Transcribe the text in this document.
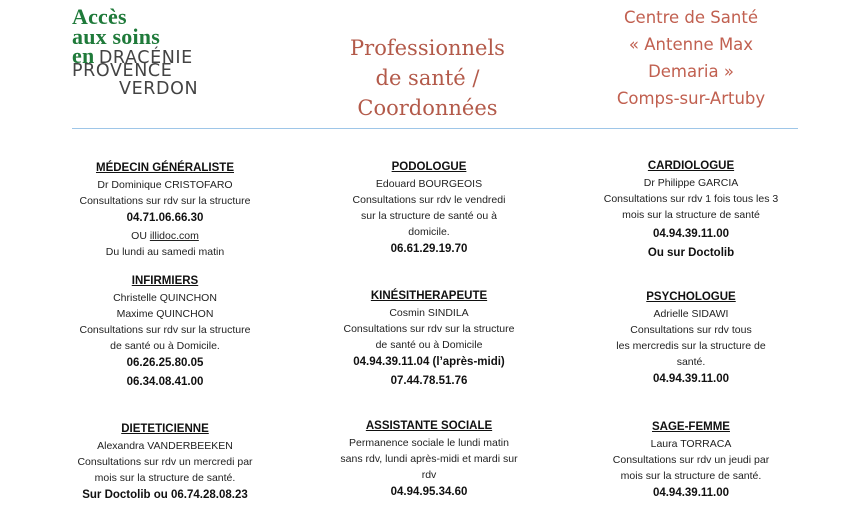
Accès
aux soins
en DRACÉNIE
PROVENCE
VERDON
Professionnels
de santé /
Coordonnées
Centre de Santé
« Antenne Max
Demaria »
Comps-sur-Artuby
MÉDECIN GÉNÉRALISTE
Dr Dominique CRISTOFARO
Consultations sur rdv sur la structure
04.71.06.66.30
OU illidoc.com
Du lundi au samedi matin
PODOLOGUE
Edouard BOURGEOIS
Consultations sur rdv le vendredi
sur la structure de santé ou à
domicile.
06.61.29.19.70
CARDIOLOGUE
Dr Philippe GARCIA
Consultations sur rdv 1 fois tous les 3
mois sur la structure de santé
04.94.39.11.00
Ou sur Doctolib
INFIRMIERS
Christelle QUINCHON
Maxime QUINCHON
Consultations sur rdv sur la structure
de santé ou à Domicile.
06.26.25.80.05
06.34.08.41.00
KINÉSITHERAPEUTE
Cosmin SINDILA
Consultations sur rdv sur la structure
de santé ou à Domicile
04.94.39.11.04 (l’après-midi)
07.44.78.51.76
PSYCHOLOGUE
Adrielle SIDAWI
Consultations sur rdv tous
les mercredis sur la structure de
santé.
04.94.39.11.00
DIETETICIENNE
Alexandra VANDERBEEKEN
Consultations sur rdv un mercredi par
mois sur la structure de santé.
Sur Doctolib ou 06.74.28.08.23
ASSISTANTE SOCIALE
Permanence sociale le lundi matin
sans rdv, lundi après-midi et mardi sur
rdv
04.94.95.34.60
SAGE-FEMME
Laura TORRACA
Consultations sur rdv un jeudi par
mois sur la structure de santé.
04.94.39.11.00
